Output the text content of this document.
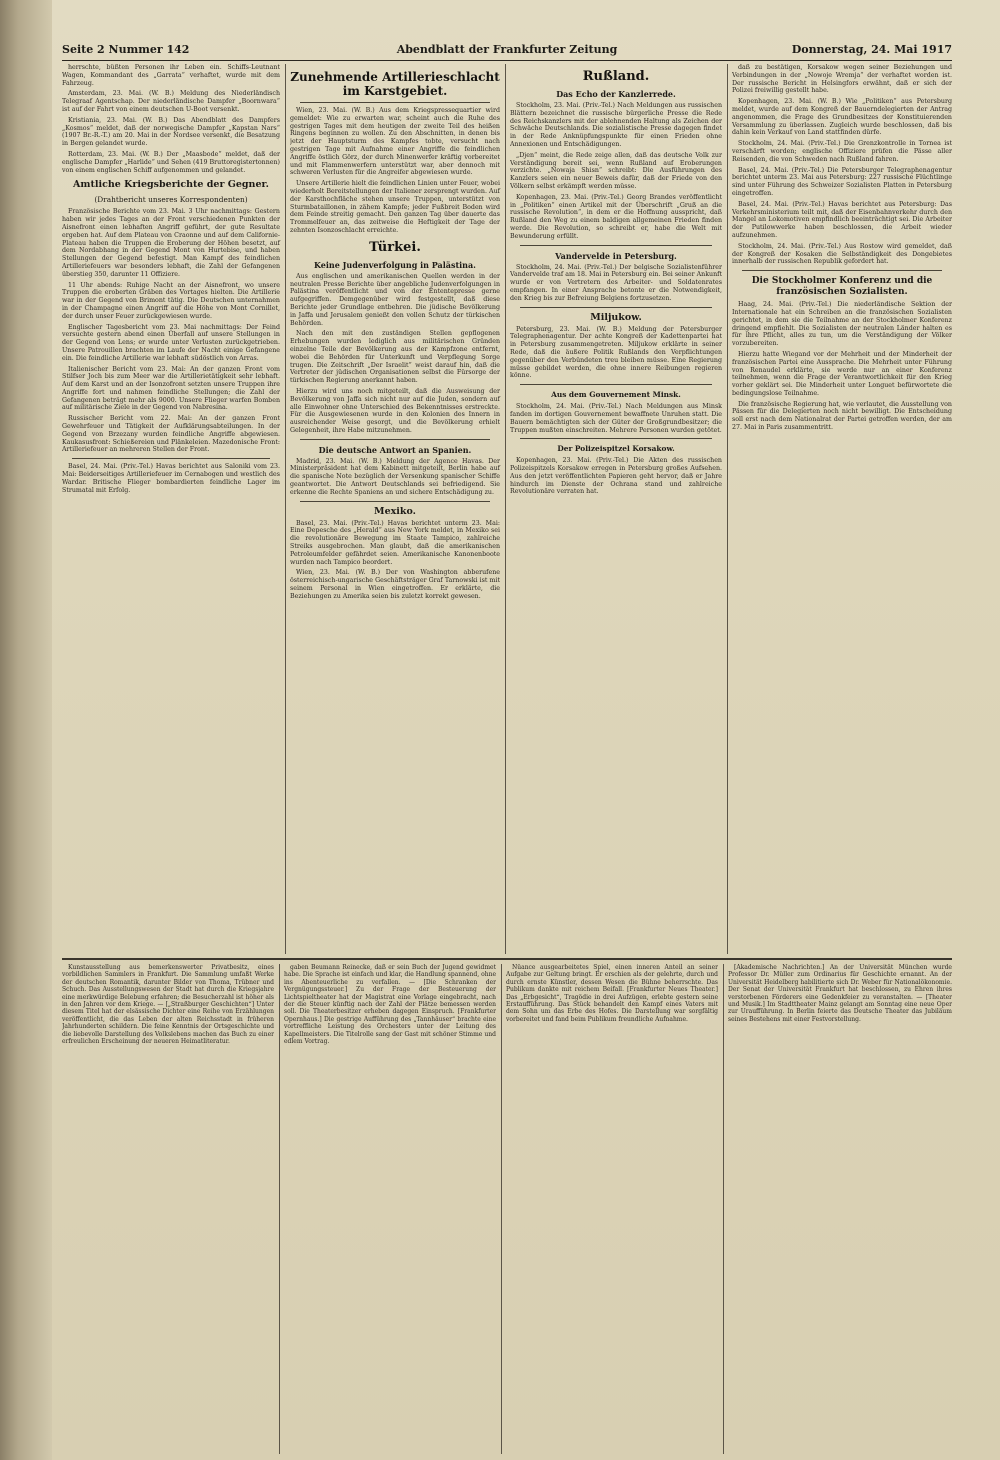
Seite 2 Nummer 142	Abendblatt der Frankfurter Zeitung	Donnerstag, 24. Mai 1917

herrschte, büßten Personen ihr Leben ein. Schiffs-Leutnant Wagen, Kommandant des „Garrata“ verhaftet, wurde mit dem Fahrzeug.

Amsterdam, 23. Mai. (W. B.) Meldung des Niederländisch Telegraaf Agentschap. Der niederländische Dampfer „Boornwara“ ist auf der Fahrt von einem deutschen U-Boot versenkt.

Kristiania, 23. Mai. (W. B.) Das Abendblatt des Dampfers „Kosmos“ meldet, daß der norwegische Dampfer „Kapstan Nars“ (1907 Br.-R.-T.) am 20. Mai in der Nordsee versenkt, die Besatzung in Bergen gelandet wurde.

Rotterdam, 23. Mai. (W. B.) Der „Maasbode“ meldet, daß der englische Dampfer „Harlide“ und Sehen (419 Bruttoregistertonnen) von einem englischen Schiff aufgenommen und gelandet.

Amtliche Kriegsberichte der Gegner.
(Drahtbericht unseres Korrespondenten)

Französische Berichte vom 23. Mai. 3 Uhr nachmittags: Gestern haben wir jedes Tages an der Front verschiedenen Punkten der Aisnefront einen lebhaften Angriff geführt, der gute Resultate ergeben hat. Auf dem Plateau von Craonne und auf dem Californie-Plateau haben die Truppen die Eroberung der Höhen besetzt, auf dem Nordabhang in der Gegend Mont von Hurtebise, und haben Stellungen der Gegend befestigt. Man Kampf des feindlichen Artilleriefeuers war besonders lebhaft, die Zahl der Gefangenen überstieg 350, darunter 11 Offiziere.

11 Uhr abends: Ruhige Nacht an der Aisnefront, wo unsere Truppen die eroberten Gräben des Vortages hielten. Die Artillerie war in der Gegend von Brimont tätig. Die Deutschen unternahmen in der Champagne einen Angriff auf die Höhe von Mont Cornillet, der durch unser Feuer zurückgewiesen wurde.

Englischer Tagesbericht vom 23. Mai nachmittags: Der Feind versuchte gestern abend einen Überfall auf unsere Stellungen in der Gegend von Lens; er wurde unter Verlusten zurückgetrieben. Unsere Patrouillen brachten im Laufe der Nacht einige Gefangene ein. Die feindliche Artillerie war lebhaft südöstlich von Arras.

Italienischer Bericht vom 23. Mai: An der ganzen Front vom Stilfser Joch bis zum Meer war die Artillerietätigkeit sehr lebhaft. Auf dem Karst und an der Isonzofront setzten unsere Truppen ihre Angriffe fort und nahmen feindliche Stellungen; die Zahl der Gefangenen beträgt mehr als 9000. Unsere Flieger warfen Bomben auf militärische Ziele in der Gegend von Nabresina.

Russischer Bericht vom 22. Mai: An der ganzen Front Gewehrfeuer und Tätigkeit der Aufklärungsabteilungen. In der Gegend von Brzezany wurden feindliche Angriffe abgewiesen. Kaukasusfront: Schießereien und Plänkeleien. Mazedonische Front: Artilleriefeuer an mehreren Stellen der Front.

Basel, 24. Mai. (Priv.-Tel.) Havas berichtet aus Saloniki vom 23. Mai: Beiderseitiges Artilleriefeuer im Cernabogen und westlich des Wardar. Britische Flieger bombardierten feindliche Lager im Strumatal mit Erfolg.

Zunehmende Artillerieschlacht im Karstgebiet.

Wien, 23. Mai. (W. B.) Aus dem Kriegspressequartier wird gemeldet: Wie zu erwarten war, scheint auch die Ruhe des gestrigen Tages mit dem heutigen der zweite Teil des heißen Ringens beginnen zu wollen. Zu den Abschnitten, in denen bis jetzt der Hauptsturm des Kampfes tobte, versucht nach gestrigen Tage mit Aufnahme einer Angriffe die feindlichen Angriffe östlich Görz, der durch Minenwerfer kräftig vorbereitet und mit Flammenwerfern unterstützt war, aber dennoch mit schweren Verlusten für die Angreifer abgewiesen wurde.

Unsere Artillerie hielt die feindlichen Linien unter Feuer, wobei wiederholt Bereitstellungen der Italiener zersprengt wurden. Auf der Karsthochfläche stehen unsere Truppen, unterstützt von Sturmbataillonen, in zähem Kampfe; jeder Fußbreit Boden wird dem Feinde streitig gemacht. Den ganzen Tag über dauerte das Trommelfeuer an, das zeitweise die Heftigkeit der Tage der zehnten Isonzoschlacht erreichte.

Türkei.
Keine Judenverfolgung in Palästina.

Aus englischen und amerikanischen Quellen werden in der neutralen Presse Berichte über angebliche Judenverfolgungen in Palästina veröffentlicht und von der Ententepresse gerne aufgegriffen. Demgegenüber wird festgestellt, daß diese Berichte jeder Grundlage entbehren. Die jüdische Bevölkerung in Jaffa und Jerusalem genießt den vollen Schutz der türkischen Behörden.

Nach den mit den zuständigen Stellen gepflogenen Erhebungen wurden lediglich aus militärischen Gründen einzelne Teile der Bevölkerung aus der Kampfzone entfernt, wobei die Behörden für Unterkunft und Verpflegung Sorge trugen. Die Zeitschrift „Der Israelit“ weist darauf hin, daß die Vertreter der jüdischen Organisationen selbst die Fürsorge der türkischen Regierung anerkannt haben.

Hierzu wird uns noch mitgeteilt, daß die Ausweisung der Bevölkerung von Jaffa sich nicht nur auf die Juden, sondern auf alle Einwohner ohne Unterschied des Bekenntnisses erstreckte. Für die Ausgewiesenen wurde in den Kolonien des Innern in ausreichender Weise gesorgt, und die Bevölkerung erhielt Gelegenheit, ihre Habe mitzunehmen.

Die deutsche Antwort an Spanien.

Madrid, 23. Mai. (W. B.) Meldung der Agence Havas. Der Ministerpräsident hat dem Kabinett mitgeteilt, Berlin habe auf die spanische Note bezüglich der Versenkung spanischer Schiffe geantwortet. Die Antwort Deutschlands sei befriedigend. Sie erkenne die Rechte Spaniens an und sichere Entschädigung zu.

Mexiko.

Basel, 23. Mai. (Priv.-Tel.) Havas berichtet unterm 23. Mai: Eine Depesche des „Herald“ aus New York meldet, in Mexiko sei die revolutionäre Bewegung im Staate Tampico, zahlreiche Streiks ausgebrochen. Man glaubt, daß die amerikanischen Petroleumfelder gefährdet seien. Amerikanische Kanonenboote wurden nach Tampico beordert.

Wien, 23. Mai. (W. B.) Der von Washington abberufene österreichisch-ungarische Geschäftsträger Graf Tarnowski ist mit seinem Personal in Wien eingetroffen. Er erklärte, die Beziehungen zu Amerika seien bis zuletzt korrekt gewesen.

Rußland.
Das Echo der Kanzlerrede.

Stockholm, 23. Mai. (Priv.-Tel.) Nach Meldungen aus russischen Blättern bezeichnet die russische bürgerliche Presse die Rede des Reichskanzlers mit der ablehnenden Haltung als Zeichen der Schwäche Deutschlands. Die sozialistische Presse dagegen findet in der Rede Anknüpfungspunkte für einen Frieden ohne Annexionen und Entschädigungen.

„Djen“ meint, die Rede zeige allen, daß das deutsche Volk zur Verständigung bereit sei, wenn Rußland auf Eroberungen verzichte. „Nowaja Shisn“ schreibt: Die Ausführungen des Kanzlers seien ein neuer Beweis dafür, daß der Friede von den Völkern selbst erkämpft werden müsse.

Kopenhagen, 23. Mai. (Priv.-Tel.) Georg Brandes veröffentlicht in „Politiken“ einen Artikel mit der Überschrift „Gruß an die russische Revolution“, in dem er die Hoffnung ausspricht, daß Rußland den Weg zu einem baldigen allgemeinen Frieden finden werde. Die Revolution, so schreibt er, habe die Welt mit Bewunderung erfüllt.

Vandervelde in Petersburg.

Stockholm, 24. Mai. (Priv.-Tel.) Der belgische Sozialistenführer Vandervelde traf am 18. Mai in Petersburg ein. Bei seiner Ankunft wurde er von Vertretern des Arbeiter- und Soldatenrates empfangen. In einer Ansprache betonte er die Notwendigkeit, den Krieg bis zur Befreiung Belgiens fortzusetzen.

Miljukow.

Petersburg, 23. Mai. (W. B.) Meldung der Petersburger Telegraphenagentur. Der achte Kongreß der Kadettenpartei hat in Petersburg zusammengetreten. Miljukow erklärte in seiner Rede, daß die äußere Politik Rußlands den Verpflichtungen gegenüber den Verbündeten treu bleiben müsse. Eine Regierung müsse gebildet werden, die ohne innere Reibungen regieren könne.

Aus dem Gouvernement Minsk.

Stockholm, 24. Mai. (Priv.-Tel.) Nach Meldungen aus Minsk fanden im dortigen Gouvernement bewaffnete Unruhen statt. Die Bauern bemächtigten sich der Güter der Großgrundbesitzer; die Truppen mußten einschreiten. Mehrere Personen wurden getötet.

Der Polizeispitzel Korsakow.

Kopenhagen, 23. Mai. (Priv.-Tel.) Die Akten des russischen Polizeispitzels Korsakow erregen in Petersburg großes Aufsehen. Aus den jetzt veröffentlichten Papieren geht hervor, daß er Jahre hindurch im Dienste der Ochrana stand und zahlreiche Revolutionäre verraten hat.

daß zu bestätigen, Korsakow wegen seiner Beziehungen und Verbindungen in der „Nowoje Wremja“ der verhaftet worden ist. Der russische Bericht in Helsingfors erwähnt, daß er sich der Polizei freiwillig gestellt habe.

Kopenhagen, 23. Mai. (W. B.) Wie „Politiken“ aus Petersburg meldet, wurde auf dem Kongreß der Bauerndelegierten der Antrag angenommen, die Frage des Grundbesitzes der Konstituierenden Versammlung zu überlassen. Zugleich wurde beschlossen, daß bis dahin kein Verkauf von Land stattfinden dürfe.

Stockholm, 24. Mai. (Priv.-Tel.) Die Grenzkontrolle in Tornea ist verschärft worden; englische Offiziere prüfen die Pässe aller Reisenden, die von Schweden nach Rußland fahren.

Basel, 24. Mai. (Priv.-Tel.) Die Petersburger Telegraphenagentur berichtet unterm 23. Mai aus Petersburg: 227 russische Flüchtlinge sind unter Führung des Schweizer Sozialisten Platten in Petersburg eingetroffen.

Basel, 24. Mai. (Priv.-Tel.) Havas berichtet aus Petersburg: Das Verkehrsministerium teilt mit, daß der Eisenbahnverkehr durch den Mangel an Lokomotiven empfindlich beeinträchtigt sei. Die Arbeiter der Putilowwerke haben beschlossen, die Arbeit wieder aufzunehmen.

Stockholm, 24. Mai. (Priv.-Tel.) Aus Rostow wird gemeldet, daß der Kongreß der Kosaken die Selbständigkeit des Dongebietes innerhalb der russischen Republik gefordert hat.

Die Stockholmer Konferenz und die französischen Sozialisten.

Haag, 24. Mai. (Priv.-Tel.) Die niederländische Sektion der Internationale hat ein Schreiben an die französischen Sozialisten gerichtet, in dem sie die Teilnahme an der Stockholmer Konferenz dringend empfiehlt. Die Sozialisten der neutralen Länder halten es für ihre Pflicht, alles zu tun, um die Verständigung der Völker vorzubereiten.

Hierzu hatte Wiegand vor der Mehrheit und der Minderheit der französischen Partei eine Aussprache. Die Mehrheit unter Führung von Renaudel erklärte, sie werde nur an einer Konferenz teilnehmen, wenn die Frage der Verantwortlichkeit für den Krieg vorher geklärt sei. Die Minderheit unter Longuet befürwortete die bedingungslose Teilnahme.

Die französische Regierung hat, wie verlautet, die Ausstellung von Pässen für die Delegierten noch nicht bewilligt. Die Entscheidung soll erst nach dem Nationalrat der Partei getroffen werden, der am 27. Mai in Paris zusammentritt.

Kunstausstellung aus bemerkenswerter Privatbesitz, eines vorbildlichen Sammlers in Frankfurt. Die Sammlung umfaßt Werke der deutschen Romantik, darunter Bilder von Thoma, Trübner und Schuch. Das Ausstellungswesen der Stadt hat durch die Kriegsjahre eine merkwürdige Belebung erfahren; die Besucherzahl ist höher als in den Jahren vor dem Kriege. — [„Straßburger Geschichten“] Unter diesem Titel hat der elsässische Dichter eine Reihe von Erzählungen veröffentlicht, die das Leben der alten Reichsstadt in früheren Jahrhunderten schildern. Die feine Kenntnis der Ortsgeschichte und die liebevolle Darstellung des Volkslebens machen das Buch zu einer erfreulichen Erscheinung der neueren Heimatliteratur.

gaben Beumann Reinecke, daß er sein Buch der Jugend gewidmet habe. Die Sprache ist einfach und klar, die Handlung spannend, ohne ins Abenteuerliche zu verfallen. — [Die Schranken der Vergnügungssteuer.] Zu der Frage der Besteuerung der Lichtspieltheater hat der Magistrat eine Vorlage eingebracht, nach der die Steuer künftig nach der Zahl der Plätze bemessen werden soll. Die Theaterbesitzer erheben dagegen Einspruch. [Frankfurter Opernhaus.] Die gestrige Aufführung des „Tannhäuser“ brachte eine vortreffliche Leistung des Orchesters unter der Leitung des Kapellmeisters. Die Titelrolle sang der Gast mit schöner Stimme und edlem Vortrag.

Nüance ausgearbeitetes Spiel, einen inneren Anteil an seiner Aufgabe zur Geltung bringt. Er erschien als der gelehrte, durch und durch ernste Künstler, dessen Wesen die Bühne beherrschte. Das Publikum dankte mit reichem Beifall. [Frankfurter Neues Theater.] Das „Erbgesicht“, Tragödie in drei Aufzügen, erlebte gestern seine Erstaufführung. Das Stück behandelt den Kampf eines Vaters mit dem Sohn um das Erbe des Hofes. Die Darstellung war sorgfältig vorbereitet und fand beim Publikum freundliche Aufnahme.

[Akademische Nachrichten.] An der Universität München wurde Professor Dr. Müller zum Ordinarius für Geschichte ernannt. An der Universität Heidelberg habilitierte sich Dr. Weber für Nationalökonomie. Der Senat der Universität Frankfurt hat beschlossen, zu Ehren ihres verstorbenen Förderers eine Gedenkfeier zu veranstalten. — [Theater und Musik.] Im Stadttheater Mainz gelangt am Sonntag eine neue Oper zur Uraufführung. In Berlin feierte das Deutsche Theater das Jubiläum seines Bestehens mit einer Festvorstellung.
